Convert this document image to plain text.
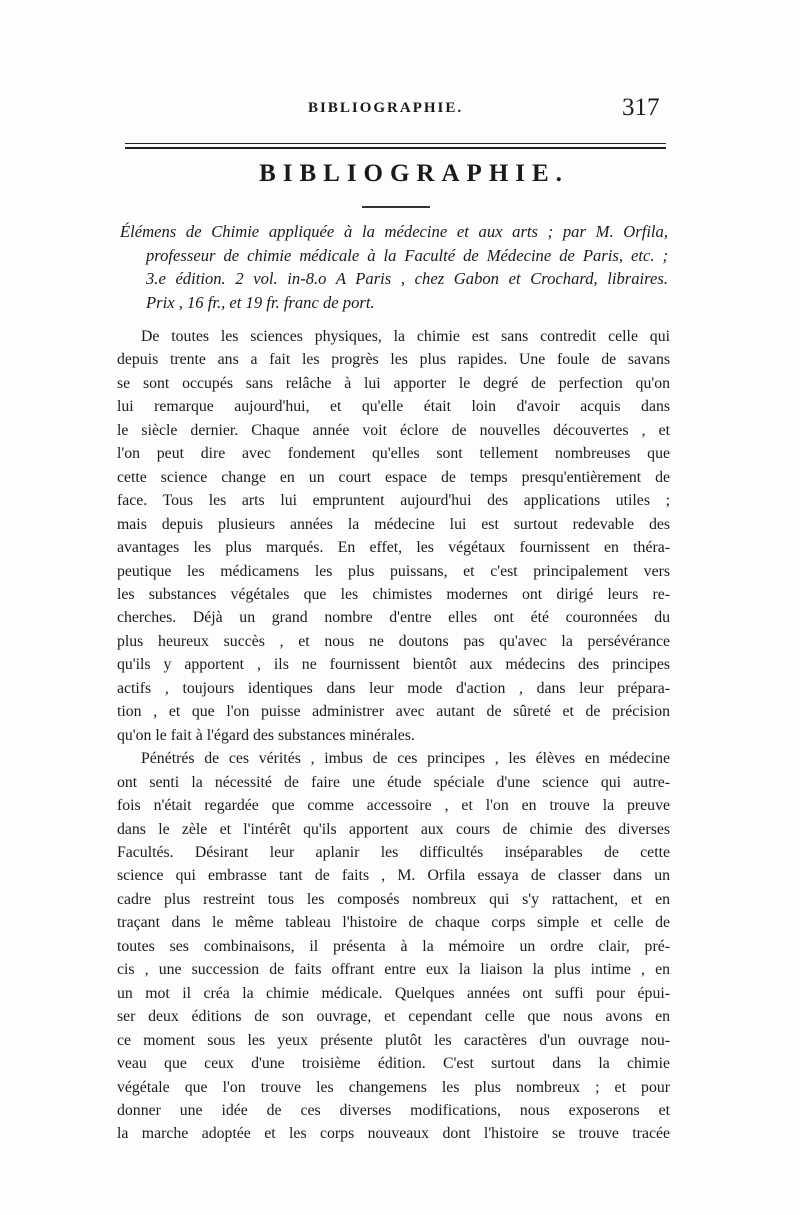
BIBLIOGRAPHIE.	317
BIBLIOGRAPHIE.
Élémens de Chimie appliquée à la médecine et aux arts ; par M. Orfila,
professeur de chimie médicale à la Faculté de Médecine de Paris, etc. ;
3.e édition. 2 vol. in-8.o A Paris , chez Gabon et Crochard, libraires.
Prix , 16 fr., et 19 fr. franc de port.
De toutes les sciences physiques, la chimie est sans contredit celle qui
depuis trente ans a fait les progrès les plus rapides. Une foule de savans
se sont occupés sans relâche à lui apporter le degré de perfection qu'on
lui remarque aujourd'hui, et qu'elle était loin d'avoir acquis dans
le siècle dernier. Chaque année voit éclore de nouvelles découvertes , et
l'on peut dire avec fondement qu'elles sont tellement nombreuses que
cette science change en un court espace de temps presqu'entièrement de
face. Tous les arts lui empruntent aujourd'hui des applications utiles ;
mais depuis plusieurs années la médecine lui est surtout redevable des
avantages les plus marqués. En effet, les végétaux fournissent en théra-
peutique les médicamens les plus puissans, et c'est principalement vers
les substances végétales que les chimistes modernes ont dirigé leurs re-
cherches. Déjà un grand nombre d'entre elles ont été couronnées du
plus heureux succès , et nous ne doutons pas qu'avec la persévérance
qu'ils y apportent , ils ne fournissent bientôt aux médecins des principes
actifs , toujours identiques dans leur mode d'action , dans leur prépara-
tion , et que l'on puisse administrer avec autant de sûreté et de précision
qu'on le fait à l'égard des substances minérales.
Pénétrés de ces vérités , imbus de ces principes , les élèves en médecine
ont senti la nécessité de faire une étude spéciale d'une science qui autre-
fois n'était regardée que comme accessoire , et l'on en trouve la preuve
dans le zèle et l'intérêt qu'ils apportent aux cours de chimie des diverses
Facultés. Désirant leur aplanir les difficultés inséparables de cette
science qui embrasse tant de faits , M. Orfila essaya de classer dans un
cadre plus restreint tous les composés nombreux qui s'y rattachent, et en
traçant dans le même tableau l'histoire de chaque corps simple et celle de
toutes ses combinaisons, il présenta à la mémoire un ordre clair, pré-
cis , une succession de faits offrant entre eux la liaison la plus intime , en
un mot il créa la chimie médicale. Quelques années ont suffi pour épui-
ser deux éditions de son ouvrage, et cependant celle que nous avons en
ce moment sous les yeux présente plutôt les caractères d'un ouvrage nou-
veau que ceux d'une troisième édition. C'est surtout dans la chimie
végétale que l'on trouve les changemens les plus nombreux ; et pour
donner une idée de ces diverses modifications, nous exposerons et
la marche adoptée et les corps nouveaux dont l'histoire se trouve tracée
